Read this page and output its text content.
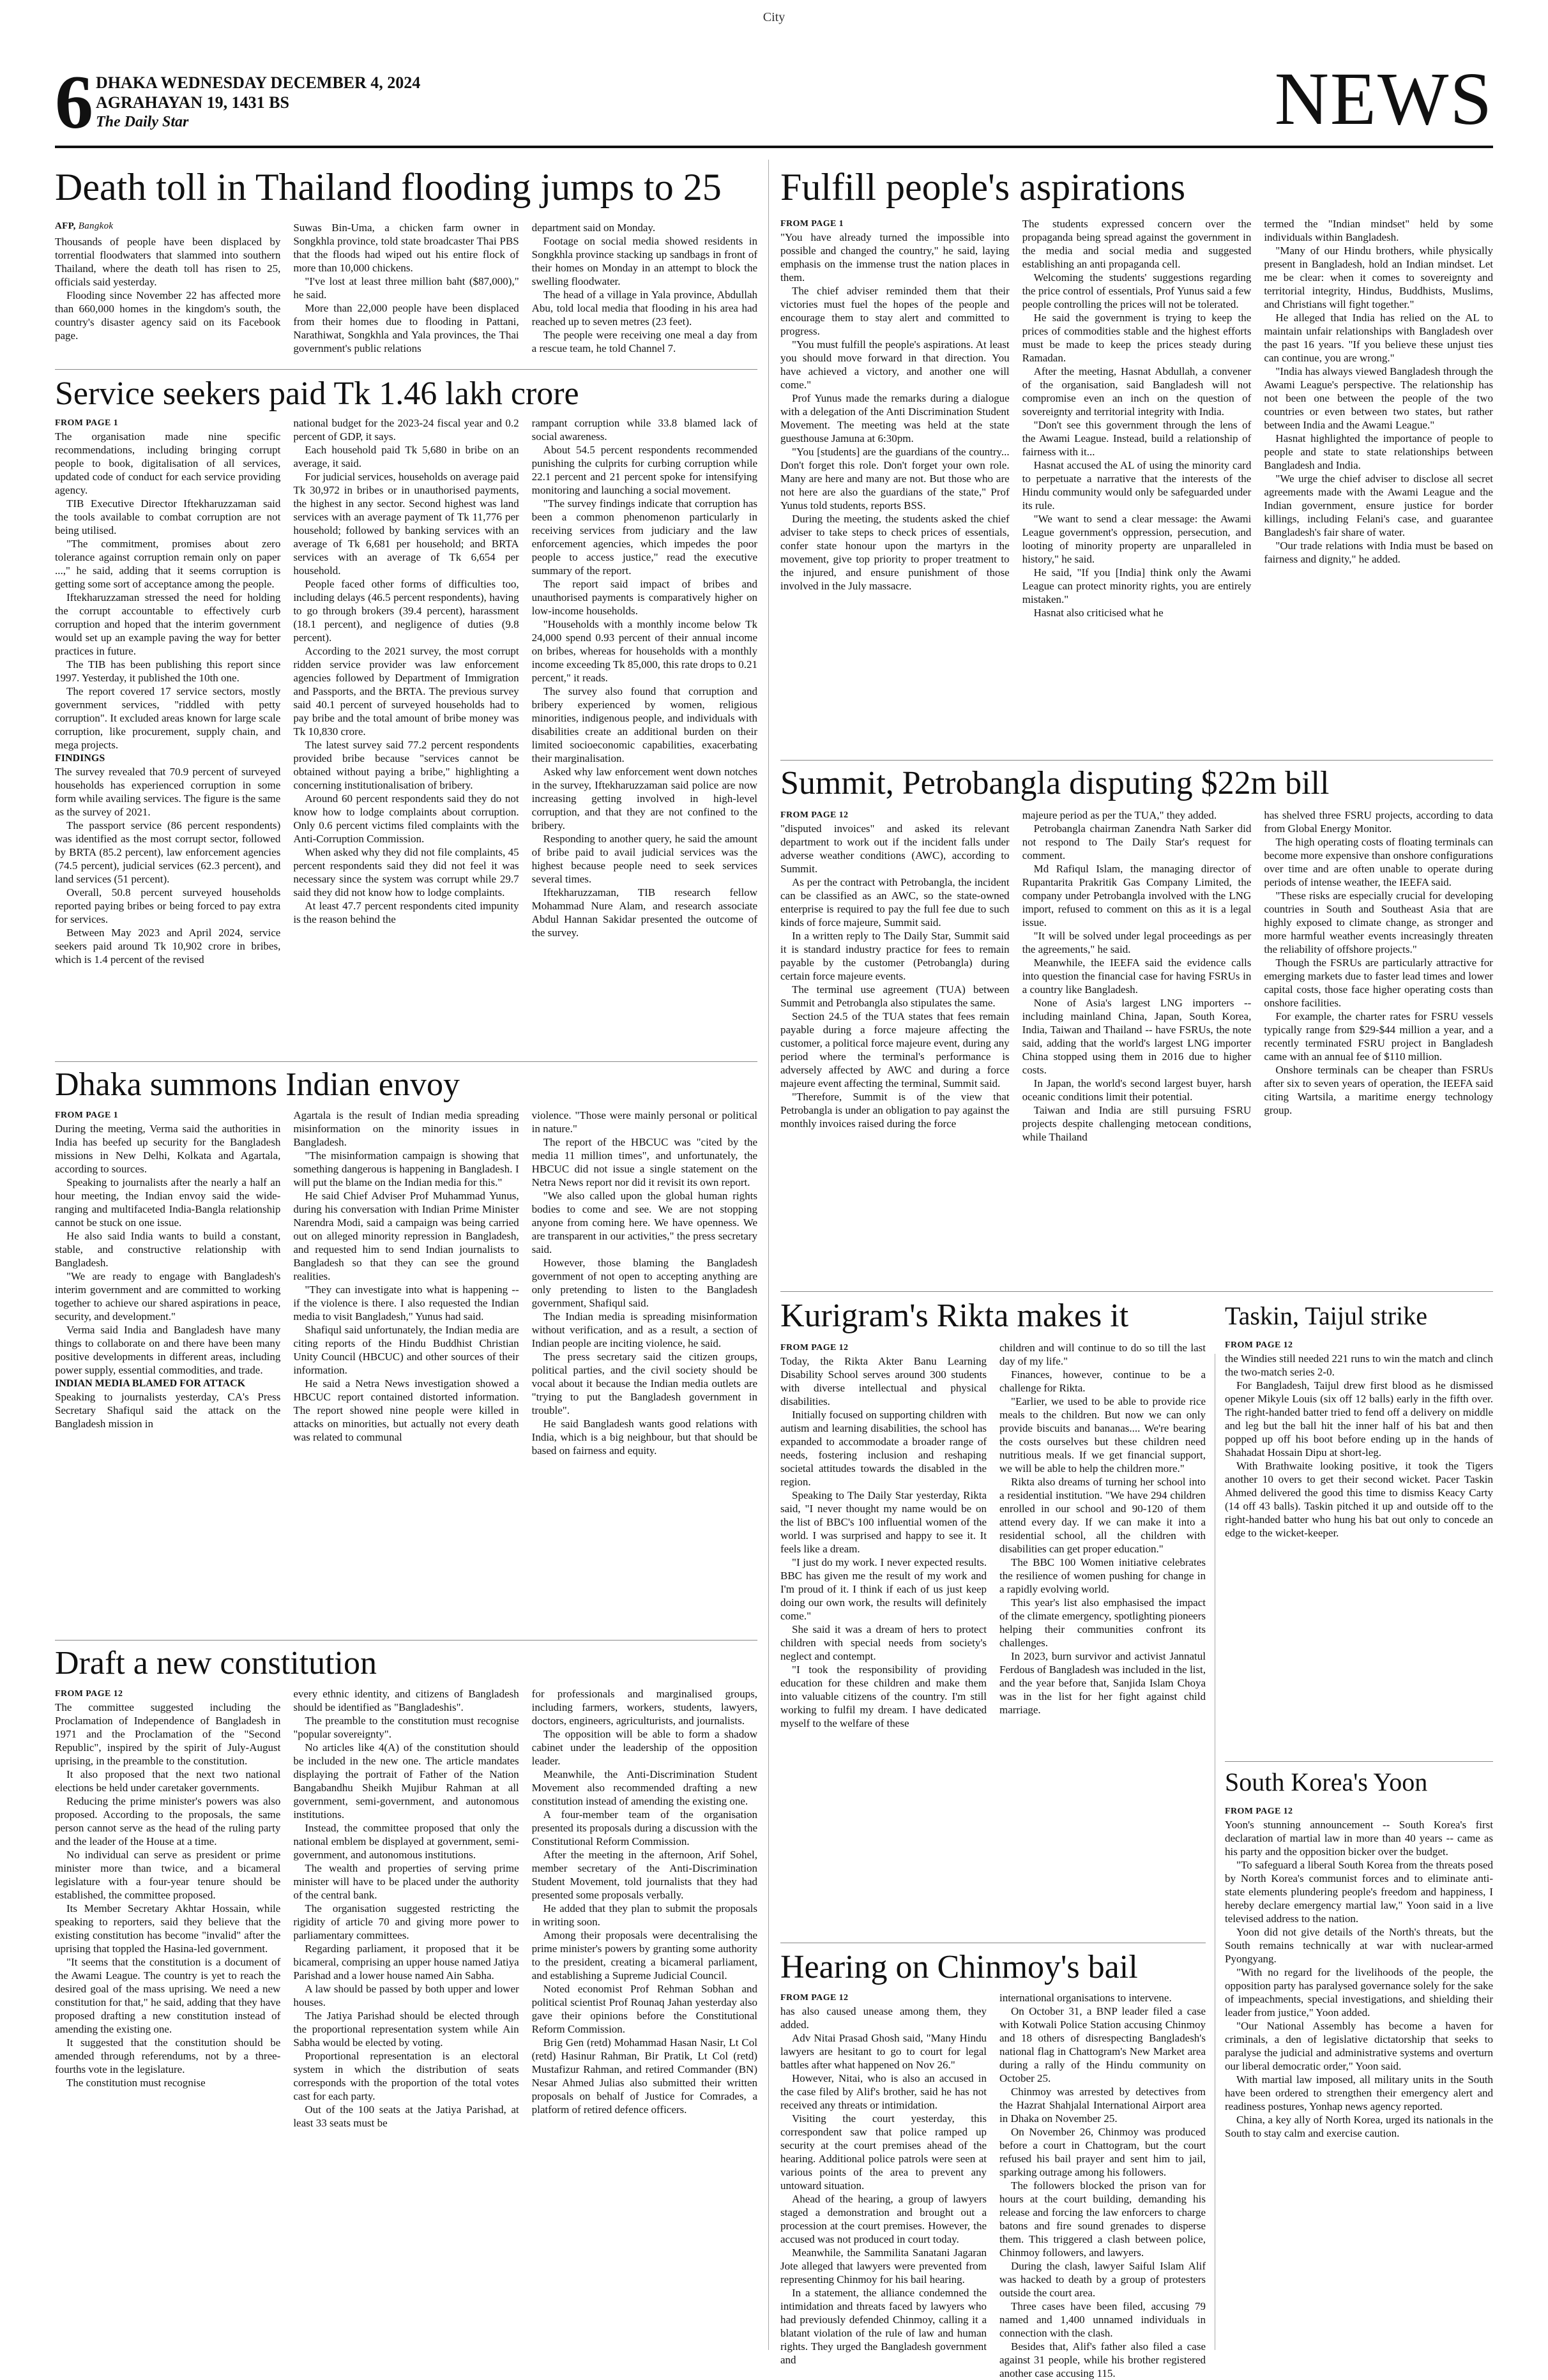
City
6 DHAKA WEDNESDAY DECEMBER 4, 2024
AGRAHAYAN 19, 1431 BS
The Daily Star	NEWS
Death toll in Thailand flooding jumps to 25
AFP, Bangkok

Thousands of people have been displaced by torrential floodwaters that slammed into southern Thailand, where the death toll has risen to 25, officials said yesterday.

Flooding since November 22 has affected more than 660,000 homes in the kingdom's south, the country's disaster agency said on its Facebook page.

Suwas Bin-Uma, a chicken farm owner in Songkhla province, told state broadcaster Thai PBS that the floods had wiped out his entire flock of more than 10,000 chickens.

"I've lost at least three million baht ($87,000)," he said.

More than 22,000 people have been displaced from their homes due to flooding in Pattani, Narathiwat, Songkhla and Yala provinces, the Thai government's public relations

department said on Monday.

Footage on social media showed residents in Songkhla province stacking up sandbags in front of their homes on Monday in an attempt to block the swelling floodwater.

The head of a village in Yala province, Abdullah Abu, told local media that flooding in his area had reached up to seven metres (23 feet).

The people were receiving one meal a day from a rescue team, he told Channel 7.

Service seekers paid Tk 1.46 lakh crore
FROM PAGE 1

The organisation made nine specific recommendations, including bringing corrupt people to book, digitalisation of all services, updated code of conduct for each service providing agency.

TIB Executive Director Iftekharuzzaman said the tools available to combat corruption are not being utilised.

"The commitment, promises about zero tolerance against corruption remain only on paper ...," he said, adding that it seems corruption is getting some sort of acceptance among the people.

Iftekharuzzaman stressed the need for holding the corrupt accountable to effectively curb corruption and hoped that the interim government would set up an example paving the way for better practices in future.

The TIB has been publishing this report since 1997. Yesterday, it published the 10th one.

The report covered 17 service sectors, mostly government services, "riddled with petty corruption". It excluded areas known for large scale corruption, like procurement, supply chain, and mega projects.

FINDINGS

The survey revealed that 70.9 percent of surveyed households has experienced corruption in some form while availing services. The figure is the same as the survey of 2021.

The passport service (86 percent respondents) was identified as the most corrupt sector, followed by BRTA (85.2 percent), law enforcement agencies (74.5 percent), judicial services (62.3 percent), and land services (51 percent).

Overall, 50.8 percent surveyed households reported paying bribes or being forced to pay extra for services.

Between May 2023 and April 2024, service seekers paid around Tk 10,902 crore in bribes, which is 1.4 percent of the revised

national budget for the 2023-24 fiscal year and 0.2 percent of GDP, it says.

Each household paid Tk 5,680 in bribe on an average, it said.

For judicial services, households on average paid Tk 30,972 in bribes or in unauthorised payments, the highest in any sector. Second highest was land services with an average payment of Tk 11,776 per household; followed by banking services with an average of Tk 6,681 per household; and BRTA services with an average of Tk 6,654 per household.

People faced other forms of difficulties too, including delays (46.5 percent respondents), having to go through brokers (39.4 percent), harassment (18.1 percent), and negligence of duties (9.8 percent).

According to the 2021 survey, the most corrupt ridden service provider was law enforcement agencies followed by Department of Immigration and Passports, and the BRTA. The previous survey said 40.1 percent of surveyed households had to pay bribe and the total amount of bribe money was Tk 10,830 crore.

The latest survey said 77.2 percent respondents provided bribe because "services cannot be obtained without paying a bribe," highlighting a concerning institutionalisation of bribery.

Around 60 percent respondents said they do not know how to lodge complaints about corruption. Only 0.6 percent victims filed complaints with the Anti-Corruption Commission.

When asked why they did not file complaints, 45 percent respondents said they did not feel it was necessary since the system was corrupt while 29.7 said they did not know how to lodge complaints.

At least 47.7 percent respondents cited impunity is the reason behind the

rampant corruption while 33.8 blamed lack of social awareness.

About 54.5 percent respondents recommended punishing the culprits for curbing corruption while 22.1 percent and 21 percent spoke for intensifying monitoring and launching a social movement.

"The survey findings indicate that corruption has been a common phenomenon particularly in receiving services from judiciary and the law enforcement agencies, which impedes the poor people to access justice," read the executive summary of the report.

The report said impact of bribes and unauthorised payments is comparatively higher on low-income households.

"Households with a monthly income below Tk 24,000 spend 0.93 percent of their annual income on bribes, whereas for households with a monthly income exceeding Tk 85,000, this rate drops to 0.21 percent," it reads.

The survey also found that corruption and bribery experienced by women, religious minorities, indigenous people, and individuals with disabilities create an additional burden on their limited socioeconomic capabilities, exacerbating their marginalisation.

Asked why law enforcement went down notches in the survey, Iftekharuzzaman said police are now increasing getting involved in high-level corruption, and that they are not confined to the bribery.

Responding to another query, he said the amount of bribe paid to avail judicial services was the highest because people need to seek services several times.

Iftekharuzzaman, TIB research fellow Mohammad Nure Alam, and research associate Abdul Hannan Sakidar presented the outcome of the survey.

Dhaka summons Indian envoy
FROM PAGE 1

During the meeting, Verma said the authorities in India has beefed up security for the Bangladesh missions in New Delhi, Kolkata and Agartala, according to sources.

Speaking to journalists after the nearly a half an hour meeting, the Indian envoy said the wide-ranging and multifaceted India-Bangla relationship cannot be stuck on one issue.

He also said India wants to build a constant, stable, and constructive relationship with Bangladesh.

"We are ready to engage with Bangladesh's interim government and are committed to working together to achieve our shared aspirations in peace, security, and development."

Verma said India and Bangladesh have many things to collaborate on and there have been many positive developments in different areas, including power supply, essential commodities, and trade.

INDIAN MEDIA BLAMED FOR ATTACK

Speaking to journalists yesterday, CA's Press Secretary Shafiqul said the attack on the Bangladesh mission in

Agartala is the result of Indian media spreading misinformation on the minority issues in Bangladesh.

"The misinformation campaign is showing that something dangerous is happening in Bangladesh. I will put the blame on the Indian media for this."

He said Chief Adviser Prof Muhammad Yunus, during his conversation with Indian Prime Minister Narendra Modi, said a campaign was being carried out on alleged minority repression in Bangladesh, and requested him to send Indian journalists to Bangladesh so that they can see the ground realities.

"They can investigate into what is happening -- if the violence is there. I also requested the Indian media to visit Bangladesh," Yunus had said.

Shafiqul said unfortunately, the Indian media are citing reports of the Hindu Buddhist Christian Unity Council (HBCUC) and other sources of their information.

He said a Netra News investigation showed a HBCUC report contained distorted information. The report showed nine people were killed in attacks on minorities, but actually not every death was related to communal

violence. "Those were mainly personal or political in nature."

The report of the HBCUC was "cited by the media 11 million times", and unfortunately, the HBCUC did not issue a single statement on the Netra News report nor did it revisit its own report.

"We also called upon the global human rights bodies to come and see. We are not stopping anyone from coming here. We have openness. We are transparent in our activities," the press secretary said.

However, those blaming the Bangladesh government of not open to accepting anything are only pretending to listen to the Bangladesh government, Shafiqul said.

The Indian media is spreading misinformation without verification, and as a result, a section of Indian people are inciting violence, he said.

The press secretary said the citizen groups, political parties, and the civil society should be vocal about it because the Indian media outlets are "trying to put the Bangladesh government in trouble".

He said Bangladesh wants good relations with India, which is a big neighbour, but that should be based on fairness and equity.

Draft a new constitution
FROM PAGE 12

The committee suggested including the Proclamation of Independence of Bangladesh in 1971 and the Proclamation of the "Second Republic", inspired by the spirit of July-August uprising, in the preamble to the constitution.

It also proposed that the next two national elections be held under caretaker governments.

Reducing the prime minister's powers was also proposed. According to the proposals, the same person cannot serve as the head of the ruling party and the leader of the House at a time.

No individual can serve as president or prime minister more than twice, and a bicameral legislature with a four-year tenure should be established, the committee proposed.

Its Member Secretary Akhtar Hossain, while speaking to reporters, said they believe that the existing constitution has become "invalid" after the uprising that toppled the Hasina-led government.

"It seems that the constitution is a document of the Awami League. The country is yet to reach the desired goal of the mass uprising. We need a new constitution for that," he said, adding that they have proposed drafting a new constitution instead of amending the existing one.

It suggested that the constitution should be amended through referendums, not by a three-fourths vote in the legislature.

The constitution must recognise

every ethnic identity, and citizens of Bangladesh should be identified as "Bangladeshis".

The preamble to the constitution must recognise "popular sovereignty".

No articles like 4(A) of the constitution should be included in the new one. The article mandates displaying the portrait of Father of the Nation Bangabandhu Sheikh Mujibur Rahman at all government, semi-government, and autonomous institutions.

Instead, the committee proposed that only the national emblem be displayed at government, semi-government, and autonomous institutions.

The wealth and properties of serving prime minister will have to be placed under the authority of the central bank.

The organisation suggested restricting the rigidity of article 70 and giving more power to parliamentary committees.

Regarding parliament, it proposed that it be bicameral, comprising an upper house named Jatiya Parishad and a lower house named Ain Sabha.

A law should be passed by both upper and lower houses.

The Jatiya Parishad should be elected through the proportional representation system while Ain Sabha would be elected by voting.

Proportional representation is an electoral system in which the distribution of seats corresponds with the proportion of the total votes cast for each party.

Out of the 100 seats at the Jatiya Parishad, at least 33 seats must be

for professionals and marginalised groups, including farmers, workers, students, lawyers, doctors, engineers, agriculturists, and journalists.

The opposition will be able to form a shadow cabinet under the leadership of the opposition leader.

Meanwhile, the Anti-Discrimination Student Movement also recommended drafting a new constitution instead of amending the existing one.

A four-member team of the organisation presented its proposals during a discussion with the Constitutional Reform Commission.

After the meeting in the afternoon, Arif Sohel, member secretary of the Anti-Discrimination Student Movement, told journalists that they had presented some proposals verbally.

He added that they plan to submit the proposals in writing soon.

Among their proposals were decentralising the prime minister's powers by granting some authority to the president, creating a bicameral parliament, and establishing a Supreme Judicial Council.

Noted economist Prof Rehman Sobhan and political scientist Prof Rounaq Jahan yesterday also gave their opinions before the Constitutional Reform Commission.

Brig Gen (retd) Mohammad Hasan Nasir, Lt Col (retd) Hasinur Rahman, Bir Pratik, Lt Col (retd) Mustafizur Rahman, and retired Commander (BN) Nesar Ahmed Julias also submitted their written proposals on behalf of Justice for Comrades, a platform of retired defence officers.

Fulfill people's aspirations
FROM PAGE 1

"You have already turned the impossible into possible and changed the country," he said, laying emphasis on the immense trust the nation places in them.

The chief adviser reminded them that their victories must fuel the hopes of the people and encourage them to stay alert and committed to progress.

"You must fulfill the people's aspirations. At least you should move forward in that direction. You have achieved a victory, and another one will come."

Prof Yunus made the remarks during a dialogue with a delegation of the Anti Discrimination Student Movement. The meeting was held at the state guesthouse Jamuna at 6:30pm.

"You [students] are the guardians of the country... Don't forget this role. Don't forget your own role. Many are here and many are not. But those who are not here are also the guardians of the state," Prof Yunus told students, reports BSS.

During the meeting, the students asked the chief adviser to take steps to check prices of essentials, confer state honour upon the martyrs in the movement, give top priority to proper treatment to the injured, and ensure punishment of those involved in the July massacre.

The students expressed concern over the propaganda being spread against the government in the media and social media and suggested establishing an anti propaganda cell.

Welcoming the students' suggestions regarding the price control of essentials, Prof Yunus said a few people controlling the prices will not be tolerated.

He said the government is trying to keep the prices of commodities stable and the highest efforts must be made to keep the prices steady during Ramadan.

After the meeting, Hasnat Abdullah, a convener of the organisation, said Bangladesh will not compromise even an inch on the question of sovereignty and territorial integrity with India.

"Don't see this government through the lens of the Awami League. Instead, build a relationship of fairness with it...

Hasnat accused the AL of using the minority card to perpetuate a narrative that the interests of the Hindu community would only be safeguarded under its rule.

"We want to send a clear message: the Awami League government's oppression, persecution, and looting of minority property are unparalleled in history," he said.

He said, "If you [India] think only the Awami League can protect minority rights, you are entirely mistaken."

Hasnat also criticised what he

termed the "Indian mindset" held by some individuals within Bangladesh.

"Many of our Hindu brothers, while physically present in Bangladesh, hold an Indian mindset. Let me be clear: when it comes to sovereignty and territorial integrity, Hindus, Buddhists, Muslims, and Christians will fight together."

He alleged that India has relied on the AL to maintain unfair relationships with Bangladesh over the past 16 years. "If you believe these unjust ties can continue, you are wrong."

"India has always viewed Bangladesh through the Awami League's perspective. The relationship has not been one between the people of the two countries or even between two states, but rather between India and the Awami League."

Hasnat highlighted the importance of people to people and state to state relationships between Bangladesh and India.

"We urge the chief adviser to disclose all secret agreements made with the Awami League and the Indian government, ensure justice for border killings, including Felani's case, and guarantee Bangladesh's fair share of water.

"Our trade relations with India must be based on fairness and dignity," he added.

Summit, Petrobangla disputing $22m bill
FROM PAGE 12

"disputed invoices" and asked its relevant department to work out if the incident falls under adverse weather conditions (AWC), according to Summit.

As per the contract with Petrobangla, the incident can be classified as an AWC, so the state-owned enterprise is required to pay the full fee due to such kinds of force majeure, Summit said.

In a written reply to The Daily Star, Summit said it is standard industry practice for fees to remain payable by the customer (Petrobangla) during certain force majeure events.

The terminal use agreement (TUA) between Summit and Petrobangla also stipulates the same.

Section 24.5 of the TUA states that fees remain payable during a force majeure affecting the customer, a political force majeure event, during any period where the terminal's performance is adversely affected by AWC and during a force majeure event affecting the terminal, Summit said.

"Therefore, Summit is of the view that Petrobangla is under an obligation to pay against the monthly invoices raised during the force

majeure period as per the TUA," they added.

Petrobangla chairman Zanendra Nath Sarker did not respond to The Daily Star's request for comment.

Md Rafiqul Islam, the managing director of Rupantarita Prakritik Gas Company Limited, the company under Petrobangla involved with the LNG import, refused to comment on this as it is a legal issue.

"It will be solved under legal proceedings as per the agreements," he said.

Meanwhile, the IEEFA said the evidence calls into question the financial case for having FSRUs in a country like Bangladesh.

None of Asia's largest LNG importers -- including mainland China, Japan, South Korea, India, Taiwan and Thailand -- have FSRUs, the note said, adding that the world's largest LNG importer China stopped using them in 2016 due to higher costs.

In Japan, the world's second largest buyer, harsh oceanic conditions limit their potential.

Taiwan and India are still pursuing FSRU projects despite challenging metocean conditions, while Thailand

has shelved three FSRU projects, according to data from Global Energy Monitor.

The high operating costs of floating terminals can become more expensive than onshore configurations over time and are often unable to operate during periods of intense weather, the IEEFA said.

"These risks are especially crucial for developing countries in South and Southeast Asia that are highly exposed to climate change, as stronger and more harmful weather events increasingly threaten the reliability of offshore projects."

Though the FSRUs are particularly attractive for emerging markets due to faster lead times and lower capital costs, those face higher operating costs than onshore facilities.

For example, the charter rates for FSRU vessels typically range from $29-$44 million a year, and a recently terminated FSRU project in Bangladesh came with an annual fee of $110 million.

Onshore terminals can be cheaper than FSRUs after six to seven years of operation, the IEEFA said citing Wartsila, a maritime energy technology group.

Kurigram's Rikta makes it
FROM PAGE 12

Today, the Rikta Akter Banu Learning Disability School serves around 300 students with diverse intellectual and physical disabilities.

Initially focused on supporting children with autism and learning disabilities, the school has expanded to accommodate a broader range of needs, fostering inclusion and reshaping societal attitudes towards the disabled in the region.

Speaking to The Daily Star yesterday, Rikta said, "I never thought my name would be on the list of BBC's 100 influential women of the world. I was surprised and happy to see it. It feels like a dream.

"I just do my work. I never expected results. BBC has given me the result of my work and I'm proud of it. I think if each of us just keep doing our own work, the results will definitely come."

She said it was a dream of hers to protect children with special needs from society's neglect and contempt.

"I took the responsibility of providing education for these children and make them into valuable citizens of the country. I'm still working to fulfil my dream. I have dedicated myself to the welfare of these

children and will continue to do so till the last day of my life."

Finances, however, continue to be a challenge for Rikta.

"Earlier, we used to be able to provide rice meals to the children. But now we can only provide biscuits and bananas.... We're bearing the costs ourselves but these children need nutritious meals. If we get financial support, we will be able to help the children more."

Rikta also dreams of turning her school into a residential institution. "We have 294 children enrolled in our school and 90-120 of them attend every day. If we can make it into a residential school, all the children with disabilities can get proper education."

The BBC 100 Women initiative celebrates the resilience of women pushing for change in a rapidly evolving world.

This year's list also emphasised the impact of the climate emergency, spotlighting pioneers helping their communities confront its challenges.

In 2023, burn survivor and activist Jannatul Ferdous of Bangladesh was included in the list, and the year before that, Sanjida Islam Choya was in the list for her fight against child marriage.

Hearing on Chinmoy's bail
FROM PAGE 12

has also caused unease among them, they added.

Adv Nitai Prasad Ghosh said, "Many Hindu lawyers are hesitant to go to court for legal battles after what happened on Nov 26."

However, Nitai, who is also an accused in the case filed by Alif's brother, said he has not received any threats or intimidation.

Visiting the court yesterday, this correspondent saw that police ramped up security at the court premises ahead of the hearing. Additional police patrols were seen at various points of the area to prevent any untoward situation.

Ahead of the hearing, a group of lawyers staged a demonstration and brought out a procession at the court premises. However, the accused was not produced in court today.

Meanwhile, the Sammilita Sanatani Jagaran Jote alleged that lawyers were prevented from representing Chinmoy for his bail hearing.

In a statement, the alliance condemned the intimidation and threats faced by lawyers who had previously defended Chinmoy, calling it a blatant violation of the rule of law and human rights. They urged the Bangladesh government and

international organisations to intervene.

On October 31, a BNP leader filed a case with Kotwali Police Station accusing Chinmoy and 18 others of disrespecting Bangladesh's national flag in Chattogram's New Market area during a rally of the Hindu community on October 25.

Chinmoy was arrested by detectives from the Hazrat Shahjalal International Airport area in Dhaka on November 25.

On November 26, Chinmoy was produced before a court in Chattogram, but the court refused his bail prayer and sent him to jail, sparking outrage among his followers.

The followers blocked the prison van for hours at the court building, demanding his release and forcing the law enforcers to charge batons and fire sound grenades to disperse them. This triggered a clash between police, Chinmoy followers, and lawyers.

During the clash, lawyer Saiful Islam Alif was hacked to death by a group of protesters outside the court area.

Three cases have been filed, accusing 79 named and 1,400 unnamed individuals in connection with the clash.

Besides that, Alif's father also filed a case against 31 people, while his brother registered another case accusing 115.

Taskin, Taijul strike
FROM PAGE 12

the Windies still needed 221 runs to win the match and clinch the two-match series 2-0.

For Bangladesh, Taijul drew first blood as he dismissed opener Mikyle Louis (six off 12 balls) early in the fifth over. The right-handed batter tried to fend off a delivery on middle and leg but the ball hit the inner half of his bat and then popped up off his boot before ending up in the hands of Shahadat Hossain Dipu at short-leg.

With Brathwaite looking positive, it took the Tigers another 10 overs to get their second wicket. Pacer Taskin Ahmed delivered the good this time to dismiss Keacy Carty (14 off 43 balls). Taskin pitched it up and outside off to the right-handed batter who hung his bat out only to concede an edge to the wicket-keeper.

South Korea's Yoon
FROM PAGE 12

Yoon's stunning announcement -- South Korea's first declaration of martial law in more than 40 years -- came as his party and the opposition bicker over the budget.

"To safeguard a liberal South Korea from the threats posed by North Korea's communist forces and to eliminate anti-state elements plundering people's freedom and happiness, I hereby declare emergency martial law," Yoon said in a live televised address to the nation.

Yoon did not give details of the North's threats, but the South remains technically at war with nuclear-armed Pyongyang.

"With no regard for the livelihoods of the people, the opposition party has paralysed governance solely for the sake of impeachments, special investigations, and shielding their leader from justice," Yoon added.

"Our National Assembly has become a haven for criminals, a den of legislative dictatorship that seeks to paralyse the judicial and administrative systems and overturn our liberal democratic order," Yoon said.

With martial law imposed, all military units in the South have been ordered to strengthen their emergency alert and readiness postures, Yonhap news agency reported.

China, a key ally of North Korea, urged its nationals in the South to stay calm and exercise caution.
